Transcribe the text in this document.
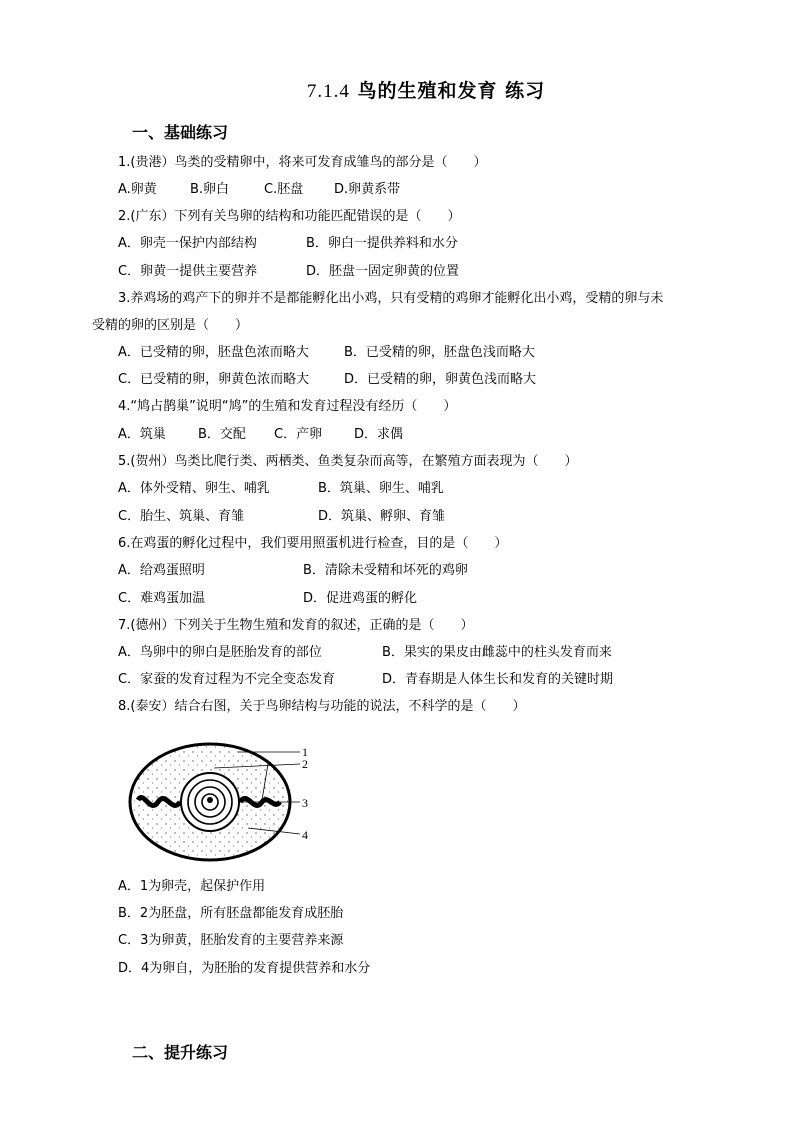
7.1.4 鸟的生殖和发育 练习
一、基础练习
1.(贵港）鸟类的受精卵中，将来可发育成雏鸟的部分是（　　）
A.卵黄	B.卵白	C.胚盘 D.卵黄系带
2.(广东）下列有关鸟卵的结构和功能匹配错误的是（　　）
A．卵壳一保护内部结构	B．卵白一提供养料和水分
C．卵黄一提供主要营养	D．胚盘一固定卵黄的位置
3.养鸡场的鸡产下的卵并不是都能孵化出小鸡，只有受精的鸡卵才能孵化出小鸡，受精的卵与未
受精的卵的区别是（　　）
A．已受精的卵，胚盘色浓而略大	B．已受精的卵，胚盘色浅而略大
C．已受精的卵，卵黄色浓而略大	D．已受精的卵，卵黄色浅而略大
4.“鸠占鹊巢”说明“鸠”的生殖和发育过程没有经历（　　）
A．筑巢 B．交配 C．产卵 D．求偶
5.(贺州）鸟类比爬行类、两栖类、鱼类复杂而高等，在繁殖方面表现为（　　）
A．体外受精、卵生、哺乳	B．筑巢、卵生、哺乳
C．胎生、筑巢、育雏	D．筑巢、孵卵、育雏
6.在鸡蛋的孵化过程中，我们要用照蛋机进行检查，目的是（　　）
A．给鸡蛋照明	B．清除未受精和坏死的鸡卵
C．难鸡蛋加温	D．促进鸡蛋的孵化
7.(德州）下列关于生物生殖和发育的叙述，正确的是（　　）
A．鸟卵中的卵白是胚胎发育的部位	B．果实的果皮由雌蕊中的柱头发育而来
C．家蚕的发育过程为不完全变态发育	D．青春期是人体生长和发育的关键时期
8.(泰安）结合右图，关于鸟卵结构与功能的说法，不科学的是（　　）
1
2
3
4
A．1为卵壳，起保护作用
B．2为胚盘，所有胚盘都能发育成胚胎
C．3为卵黄，胚胎发育的主要营养来源
D．4为卵自，为胚胎的发育提供营养和水分
二、提升练习
